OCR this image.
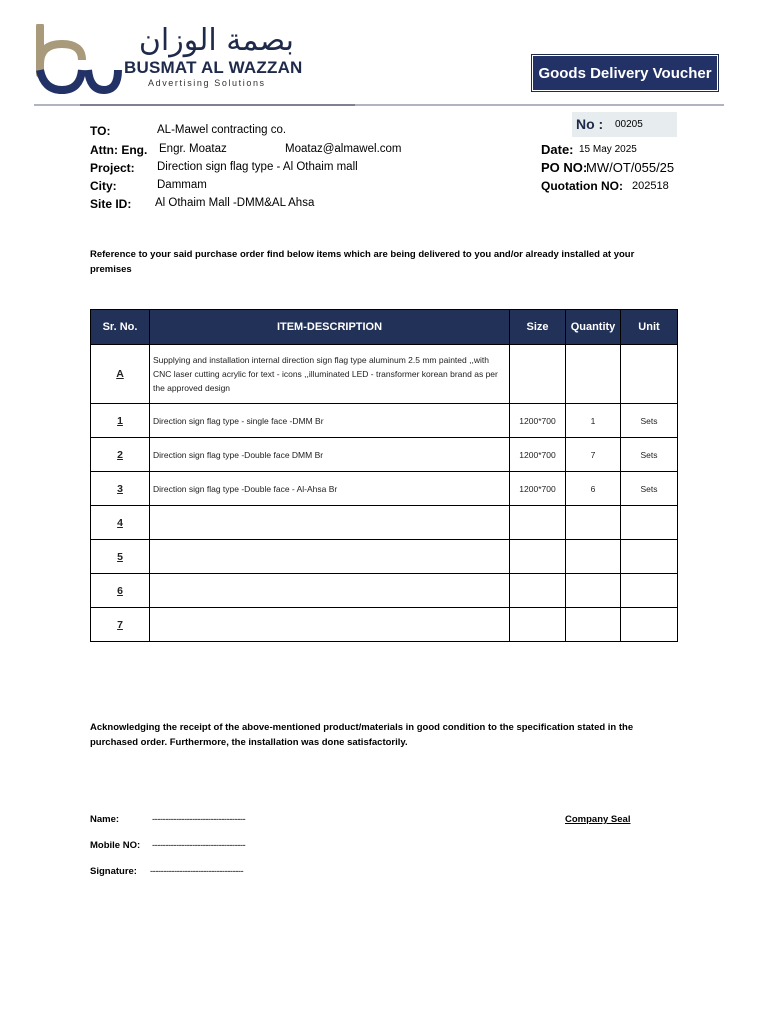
بصمة الوزان
BUSMAT AL WAZZAN
Advertising Solutions
Goods Delivery Voucher
TO:	AL-Mawel contracting co.
Attn: Eng. Engr. Moataz	Moataz@almawel.com
Project: Direction sign flag type - Al Othaim mall
City:	Dammam
Site ID: Al Othaim Mall -DMM&AL Ahsa
No : 00205
Date: 15 May 2025
PO NO:
MW/OT/055/25
Quotation NO: 202518
Reference to your said purchase order find below items which are being delivered to you and/or already installed at your premises
Sr. No.	ITEM-DESCRIPTION	Size	Quantity	Unit
A	Supplying and installation internal direction sign flag type aluminum 2.5 mm painted ,,with CNC laser cutting acrylic for text - icons ,,illuminated LED - transformer korean brand as per the approved design			
1	Direction sign flag type - single face -DMM Br	1200*700	1	Sets
2	Direction sign flag type -Double face DMM Br	1200*700	7	Sets
3	Direction sign flag type -Double face - Al-Ahsa Br	1200*700	6	Sets
4				
5				
6				
7				
Acknowledging the receipt of the above-mentioned product/materials in good condition to the specification stated in the purchased order. Furthermore, the installation was done satisfactorily.
Name:	-----------------------------------
Mobile NO: -----------------------------------
Signature: -----------------------------------
Company Seal
